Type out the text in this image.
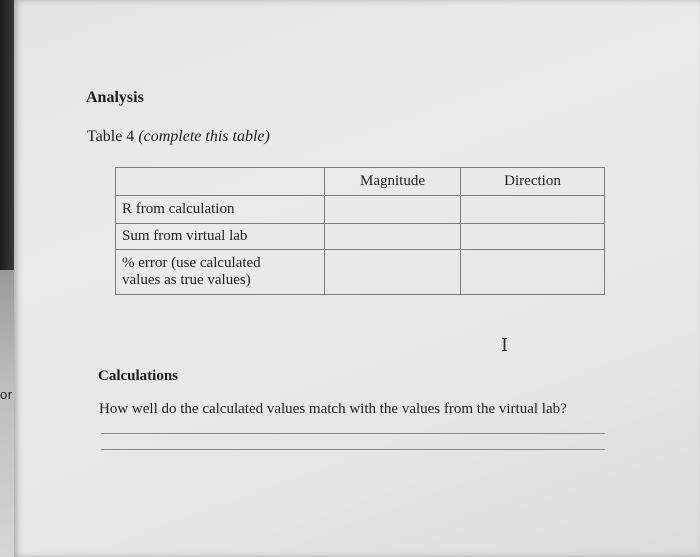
or
Analysis
Table 4 (complete this table)
	Magnitude	Direction

R from calculation		

Sum from virtual lab		

% error (use calculated
values as true values)		

I
Calculations
How well do the calculated values match with the values from the virtual lab?
